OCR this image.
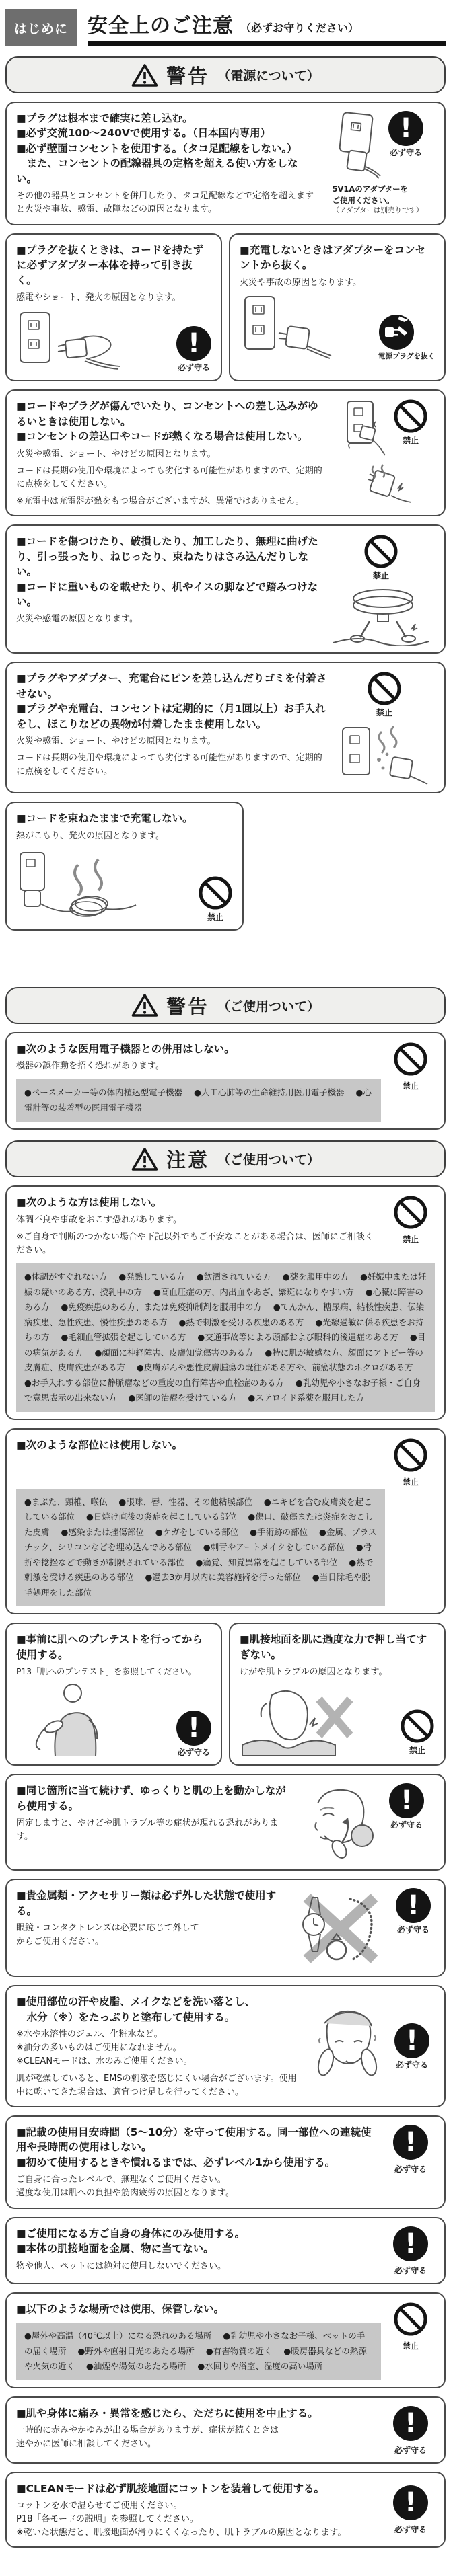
はじめに 安全上のご注意 （必ずお守りください）
警告 （電源について）

■プラグは根本まで確実に差し込む。

■必ず交流100～240Vで使用する。（日本国内専用）

■必ず壁面コンセントを使用する。（タコ足配線をしない。）

　また、コンセントの配線器具の定格を超える使い方をしない。

その他の器具とコンセントを併用したり、タコ足配線などで定格を超えますと火災や事故、感電、故障などの原因となります。

!
必ず守る
5V1Aのアダプターを
ご使用ください。
（アダプターは別売りです）

■プラグを抜くときは、コードを持たずに必ずアダプター本体を持って引き抜く。

感電やショート、発火の原因となります。

!
必ず守る

■充電しないときはアダプターをコンセントから抜く。

火災や事故の原因となります。

電源プラグを抜く

■コードやプラグが傷んでいたり、コンセントへの差し込みがゆるいときは使用しない。

■コンセントの差込口やコードが熱くなる場合は使用しない。

火災や感電、ショート、やけどの原因となります。

コードは長期の使用や環境によっても劣化する可能性がありますので、定期的に点検をしてください。

※充電中は充電器が熱をもつ場合がございますが、異常ではありません。

禁止

■コードを傷つけたり、破損したり、加工したり、無理に曲げたり、引っ張ったり、ねじったり、束ねたりはさみ込んだりしない。

■コードに重いものを載せたり、机やイスの脚などで踏みつけない。

火災や感電の原因となります。

禁止

■プラグやアダプター、充電台にピンを差し込んだりゴミを付着させない。

■プラグや充電台、コンセントは定期的に（月1回以上）お手入れをし、ほこりなどの異物が付着したまま使用しない。

火災や感電、ショート、やけどの原因となります。

コードは長期の使用や環境によっても劣化する可能性がありますので、定期的に点検をしてください。

禁止

■コードを束ねたままで充電しない。

熱がこもり、発火の原因となります。

禁止
警告 （ご使用ついて）

■次のような医用電子機器との併用はしない。

機器の誤作動を招く恐れがあります。

●ペースメーカー等の体内植込型電子機器 ●人工心肺等の生命維持用医用電子機器 ●心電計等の装着型の医用電子機器
禁止
注意 （ご使用ついて）

■次のような方は使用しない。

体調不良や事故をおこす恐れがあります。

※ご自身で判断のつかない場合や下記以外でもご不安なことがある場合は、医師にご相談ください。

禁止
●体調がすぐれない方 ●発熱している方 ●飲酒されている方 ●薬を服用中の方 ●妊娠中または妊娠の疑いのある方、授乳中の方 ●高血圧症の方、内出血やあざ、紫斑になりやすい方 ●心臓に障害のある方 ●免疫疾患のある方、または免疫抑制剤を服用中の方 ●てんかん、糖尿病、結核性疾患、伝染病疾患、急性疾患、慢性疾患のある方 ●熱で刺激を受ける疾患のある方 ●光線過敏に係る疾患をお持ちの方 ●毛細血管拡張を起こしている方 ●交通事故等による頭部および眼科的後遺症のある方 ●目の病気がある方 ●顔面に神経障害、皮膚知覚傷害のある方 ●特に肌が敏感な方、顔面にアトピー等の皮膚症、皮膚疾患がある方 ●皮膚がんや悪性皮膚腫瘍の既往がある方や、前癌状態のホクロがある方 ●お手入れする部位に静脈瘤などの重度の血行障害や血栓症のある方 ●乳幼児や小さなお子様・ご自身で意思表示の出来ない方 ●医師の治療を受けている方 ●ステロイド系薬を服用した方

■次のような部位には使用しない。

禁止
●まぶた、頸椎、喉仏 ●眼球、唇、性器、その他粘膜部位 ●ニキビを含む皮膚炎を起こしている部位 ●日焼け直後の炎症を起こしている部位 ●傷口、破傷または炎症をおこした皮膚 ●感染または挫傷部位 ●ケガをしている部位 ●手術跡の部位 ●金属、プラスチック、シリコンなどを埋め込んである部位 ●刺青やアートメイクをしている部位 ●骨折や捻挫などで動きが制限されている部位 ●痛覚、知覚異常を起こしている部位 ●熱で刺激を受ける疾患のある部位 ●過去3か月以内に美容施術を行った部位 ●当日除毛や脱毛処理をした部位

■事前に肌へのプレテストを行ってから使用する。

P13「肌へのプレテスト」を参照してください。

!
必ず守る

■肌接地面を肌に過度な力で押し当てすぎない。

けがや肌トラブルの原因となります。

禁止

■同じ箇所に当て続けず、ゆっくりと肌の上を動かしながら使用する。

固定しますと、やけどや肌トラブル等の症状が現れる恐れがあります。

!
必ず守る

■貴金属類・アクセサリー類は必ず外した状態で使用する。

眼鏡・コンタクトレンズは必要に応じて外して

からご使用ください。

!
必ず守る

■使用部位の汗や皮脂、メイクなどを洗い落とし、

　水分（※）をたっぷりと塗布して使用する。

※水や水溶性のジェル、化粧水など。

※油分の多いものはご使用になれません。

※CLEANモードは、水のみご使用ください。

肌が乾燥していると、EMSの刺激を感じにくい場合がございます。使用中に乾いてきた場合は、適宜つけ足しを行ってください。

!
必ず守る

■記載の使用目安時間（5～10分）を守って使用する。同一部位への連続使用や長時間の使用はしない。

■初めて使用するときや慣れるまでは、必ずレベル1から使用する。

ご自身に合ったレベルで、無理なくご使用ください。

過度な使用は肌への負担や筋肉疲労の原因となります。

!
必ず守る

■ご使用になる方ご自身の身体にのみ使用する。

■本体の肌接地面を金属、物に当てない。

物や他人、ペットには絶対に使用しないでください。

!
必ず守る

■以下のような場所では使用、保管しない。

●屋外や高温（40℃以上）になる恐れのある場所 ●乳幼児や小さなお子様、ペットの手の届く場所 ●野外や直射日光のあたる場所 ●有害物質の近く ●暖房器具などの熱源や火気の近く ●油煙や湯気のあたる場所 ●水回りや浴室、湿度の高い場所
禁止

■肌や身体に痛み・異常を感じたら、ただちに使用を中止する。

一時的に赤みやかゆみが出る場合がありますが、症状が続くときは

速やかに医師に相談してください。

!
必ず守る

■CLEANモードは必ず肌接地面にコットンを装着して使用する。

コットンを水で湿らせてご使用ください。

P18「各モードの説明」を参照してください。

※乾いた状態だと、肌接地面が滑りにくくなったり、肌トラブルの原因となります。

!
必ず守る
